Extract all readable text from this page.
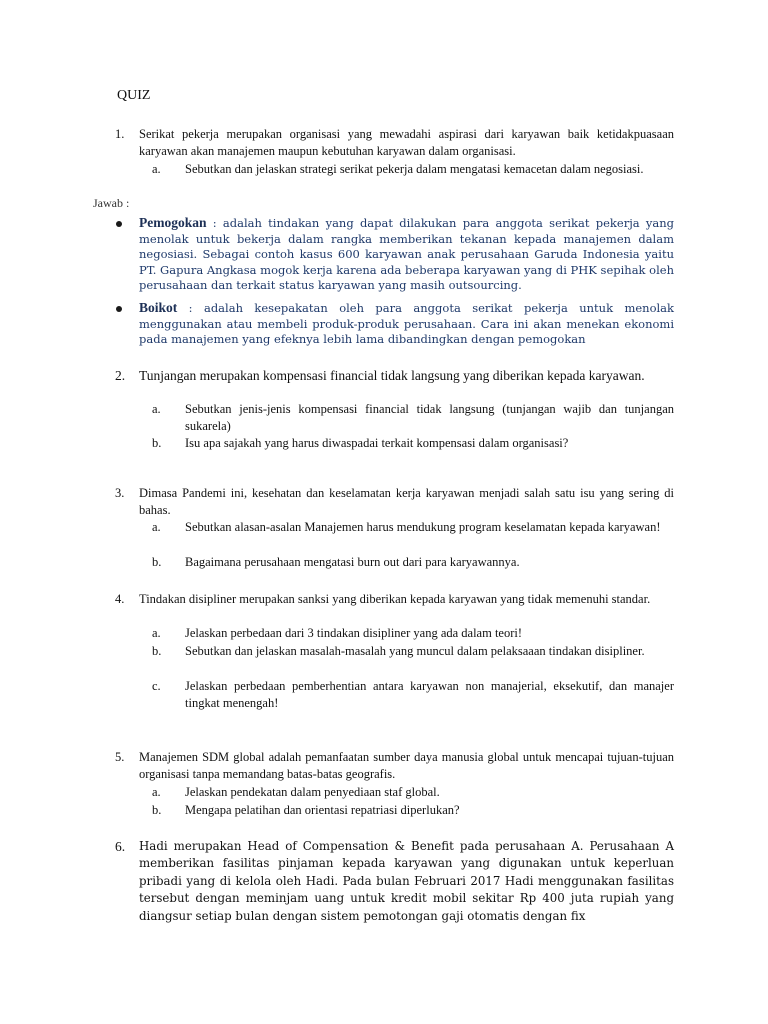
QUIZ
1. Serikat pekerja merupakan organisasi yang mewadahi aspirasi dari karyawan baik ketidakpuasaan karyawan akan manajemen maupun kebutuhan karyawan dalam organisasi.
a. Sebutkan dan jelaskan strategi serikat pekerja dalam mengatasi kemacetan dalam negosiasi.
Jawab :
Pemogokan : adalah tindakan yang dapat dilakukan para anggota serikat pekerja yang menolak untuk bekerja dalam rangka memberikan tekanan kepada manajemen dalam negosiasi. Sebagai contoh kasus 600 karyawan anak perusahaan Garuda Indonesia yaitu PT. Gapura Angkasa mogok kerja karena ada beberapa karyawan yang di PHK sepihak oleh perusahaan dan terkait status karyawan yang masih outsourcing.
Boikot : adalah kesepakatan oleh para anggota serikat pekerja untuk menolak menggunakan atau membeli produk-produk perusahaan. Cara ini akan menekan ekonomi pada manajemen yang efeknya lebih lama dibandingkan dengan pemogokan
2. Tunjangan merupakan kompensasi financial tidak langsung yang diberikan kepada karyawan.
a. Sebutkan jenis-jenis kompensasi financial tidak langsung (tunjangan wajib dan tunjangan sukarela)
b. Isu apa sajakah yang harus diwaspadai terkait kompensasi dalam organisasi?
3. Dimasa Pandemi ini, kesehatan dan keselamatan kerja karyawan menjadi salah satu isu yang sering di bahas.
a. Sebutkan alasan-asalan Manajemen harus mendukung program keselamatan kepada karyawan!
b. Bagaimana perusahaan mengatasi burn out dari para karyawannya.
4. Tindakan disipliner merupakan sanksi yang diberikan kepada karyawan yang tidak memenuhi standar.
a. Jelaskan perbedaan dari 3 tindakan disipliner yang ada dalam teori!
b. Sebutkan dan jelaskan masalah-masalah yang muncul dalam pelaksaaan tindakan disipliner.
c. Jelaskan perbedaan pemberhentian antara karyawan non manajerial, eksekutif, dan manajer tingkat menengah!
5. Manajemen SDM global adalah pemanfaatan sumber daya manusia global untuk mencapai tujuan-tujuan organisasi tanpa memandang batas-batas geografis.
a. Jelaskan pendekatan dalam penyediaan staf global.
b. Mengapa pelatihan dan orientasi repatriasi diperlukan?
6. Hadi merupakan Head of Compensation & Benefit pada perusahaan A. Perusahaan A memberikan fasilitas pinjaman kepada karyawan yang digunakan untuk keperluan pribadi yang di kelola oleh Hadi. Pada bulan Februari 2017 Hadi menggunakan fasilitas tersebut dengan meminjam uang untuk kredit mobil sekitar Rp 400 juta rupiah yang diangsur setiap bulan dengan sistem pemotongan gaji otomatis dengan fix
